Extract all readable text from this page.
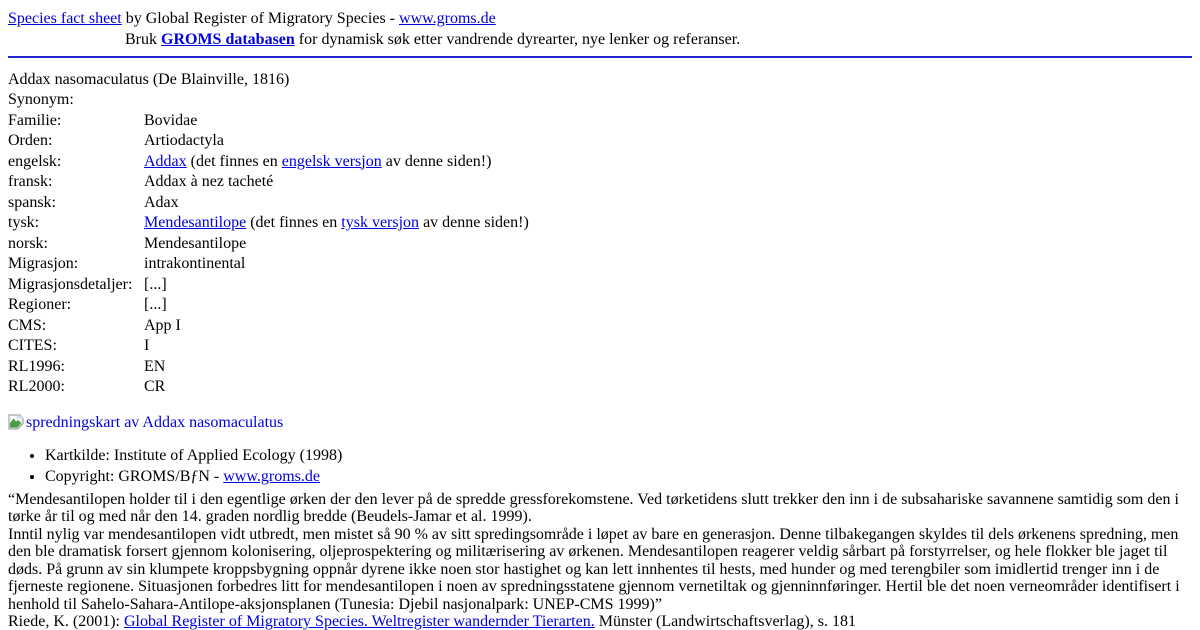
Species fact sheet by Global Register of Migratory Species - www.groms.de
Bruk GROMS databasen for dynamisk søk etter vandrende dyrearter, nye lenker og referanser.
Addax nasomaculatus (De Blainville, 1816)
Synonym:
Familie:	Bovidae
Orden:	Artiodactyla
engelsk:	Addax (det finnes en engelsk versjon av denne siden!)
fransk:	Addax à nez tacheté
spansk:	Adax
tysk:	Mendesantilope (det finnes en tysk versjon av denne siden!)
norsk:	Mendesantilope
Migrasjon:	intrakontinental
Migrasjonsdetaljer: [...]
Regioner:	[...]
CMS:	App I
CITES:	I
RL1996:	EN
RL2000:	CR
spredningskart av Addax nasomaculatus
• Kartkilde: Institute of Applied Ecology (1998)
• Copyright: GROMS/BƒN - www.groms.de
“Mendesantilopen holder til i den egentlige ørken der den lever på de spredde gressforekomstene. Ved tørketidens slutt trekker den inn i de subsahariske savannene samtidig som den i tørke år til og med når den 14. graden nordlig bredde (Beudels-Jamar et al. 1999).
Inntil nylig var mendesantilopen vidt utbredt, men mistet så 90 % av sitt spredingsområde i løpet av bare en generasjon. Denne tilbakegangen skyldes til dels ørkenens spredning, men den ble dramatisk forsert gjennom kolonisering, oljeprospektering og militærisering av ørkenen. Mendesantilopen reagerer veldig sårbart på forstyrrelser, og hele flokker ble jaget til døds. På grunn av sin klumpete kroppsbygning oppnår dyrene ikke noen stor hastighet og kan lett innhentes til hests, med hunder og med terengbiler som imidlertid trenger inn i de fjerneste regionene. Situasjonen forbedres litt for mendesantilopen i noen av spredningsstatene gjennom vernetiltak og gjenninnføringer. Hertil ble det noen verneområder identifisert i henhold til Sahelo-Sahara-Antilope-aksjonsplanen (Tunesia: Djebil nasjonalpark: UNEP-CMS 1999)”
Riede, K. (2001): Global Register of Migratory Species. Weltregister wandernder Tierarten. Münster (Landwirtschaftsverlag), s. 181
